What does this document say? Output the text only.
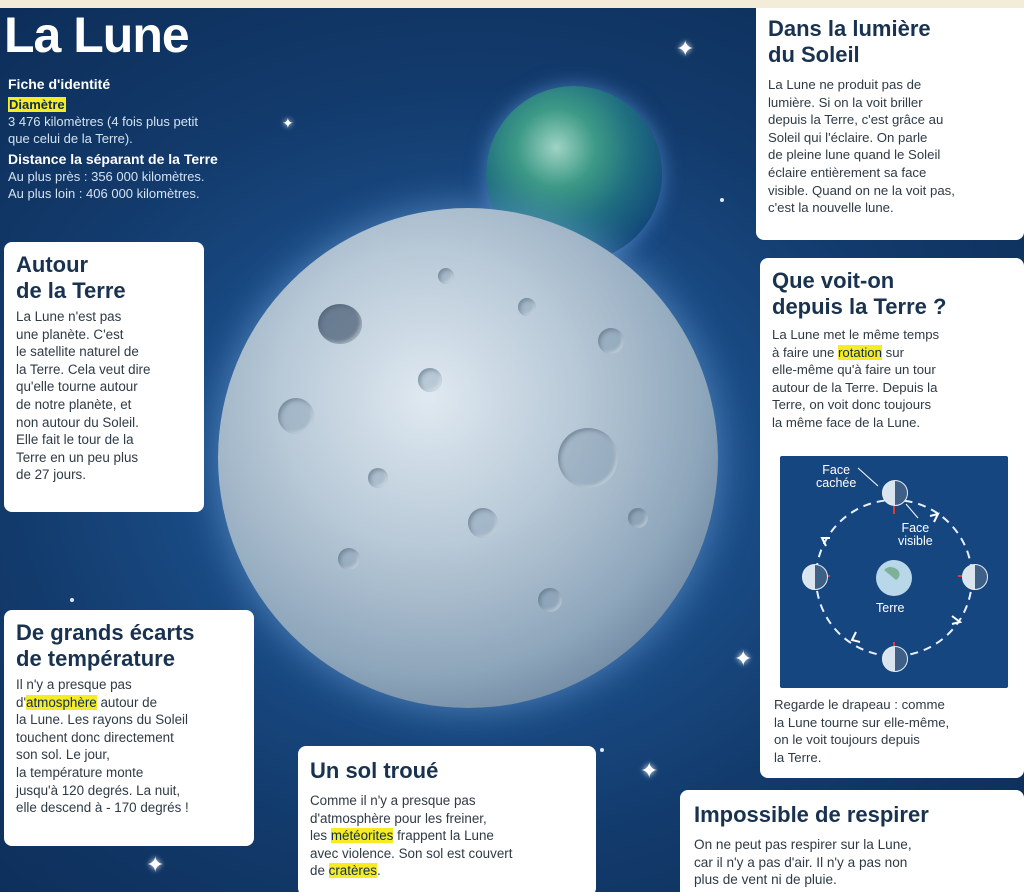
✦
✦
✦
✦
✦
La Lune
Fiche d'identité
Diamètre
3 476 kilomètres (4 fois plus petit
que celui de la Terre).
Distance la séparant de la Terre
Au plus près : 356 000 kilomètres.
Au plus loin : 406 000 kilomètres.
Autour
de la Terre

La Lune n'est pas
une planète. C'est
le satellite naturel de
la Terre. Cela veut dire
qu'elle tourne autour
de notre planète, et
non autour du Soleil.
Elle fait le tour de la
Terre en un peu plus
de 27 jours.

De grands écarts
de température

Il n'y a presque pas
d'atmosphère autour de
la Lune. Les rayons du Soleil
touchent donc directement
son sol. Le jour,
la température monte
jusqu'à 120 degrés. La nuit,
elle descend à - 170 degrés !

Un sol troué

Comme il n'y a presque pas
d'atmosphère pour les freiner,
les météorites frappent la Lune
avec violence. Son sol est couvert
de cratères.

Dans la lumière
du Soleil

La Lune ne produit pas de
lumière. Si on la voit briller
depuis la Terre, c'est grâce au
Soleil qui l'éclaire. On parle
de pleine lune quand le Soleil
éclaire entièrement sa face
visible. Quand on ne la voit pas,
c'est la nouvelle lune.

Que voit-on
depuis la Terre ?

La Lune met le même temps
à faire une rotation sur
elle-même qu'à faire un tour
autour de la Terre. Depuis la
Terre, on voit donc toujours
la même face de la Lune.

Regarde le drapeau : comme
la Lune tourne sur elle-même,
on le voit toujours depuis
la Terre.

Face
cachée
Face
visible
Terre
Impossible de respirer

On ne peut pas respirer sur la Lune,
car il n'y a pas d'air. Il n'y a pas non
plus de vent ni de pluie.
